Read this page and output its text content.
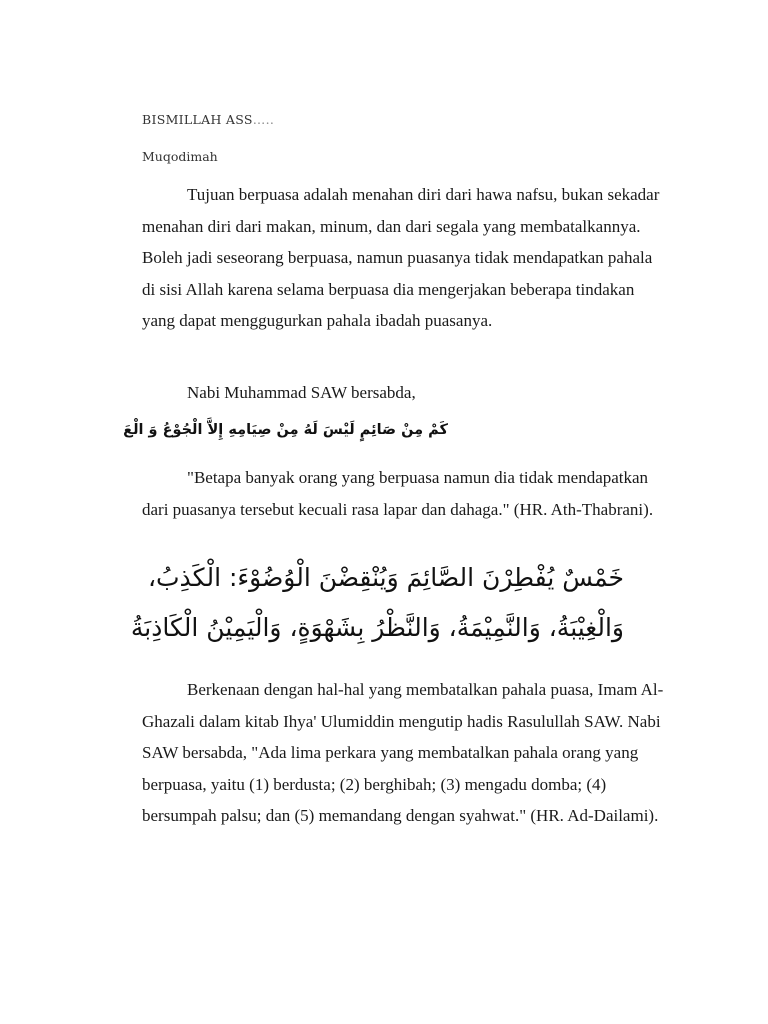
BISMILLAH ASS…..
Muqodimah

Tujuan berpuasa adalah menahan diri dari hawa nafsu, bukan sekadar menahan diri dari makan, minum, dan dari segala yang membatalkannya. Boleh jadi seseorang berpuasa, namun puasanya tidak mendapatkan pahala di sisi Allah karena selama berpuasa dia mengerjakan beberapa tindakan yang dapat menggugurkan pahala ibadah puasanya.

Nabi Muhammad SAW bersabda,
كَمْ مِنْ صَائِمٍ لَيْسَ لَهُ مِنْ صِيَامِهِ إِلاَّ الْجُوْعُ وَ الْعَ

"Betapa banyak orang yang berpuasa namun dia tidak mendapatkan dari puasanya tersebut kecuali rasa lapar dan dahaga." (HR. Ath-Thabrani).

خَمْسٌ يُفْطِرْنَ الصَّائِمَ وَيُنْقِضْنَ الْوُضُوْءَ: الْكَذِبُ،
وَالْغِيْبَةُ، وَالنَّمِيْمَةُ، وَالنَّظْرُ بِشَهْوَةٍ، وَالْيَمِيْنُ الْكَاذِبَةُ

Berkenaan dengan hal-hal yang membatalkan pahala puasa, Imam Al-Ghazali dalam kitab Ihya' Ulumiddin mengutip hadis Rasulullah SAW. Nabi SAW bersabda, "Ada lima perkara yang membatalkan pahala orang yang berpuasa, yaitu (1) berdusta; (2) berghibah; (3) mengadu domba; (4) bersumpah palsu; dan (5) memandang dengan syahwat." (HR. Ad-Dailami).
